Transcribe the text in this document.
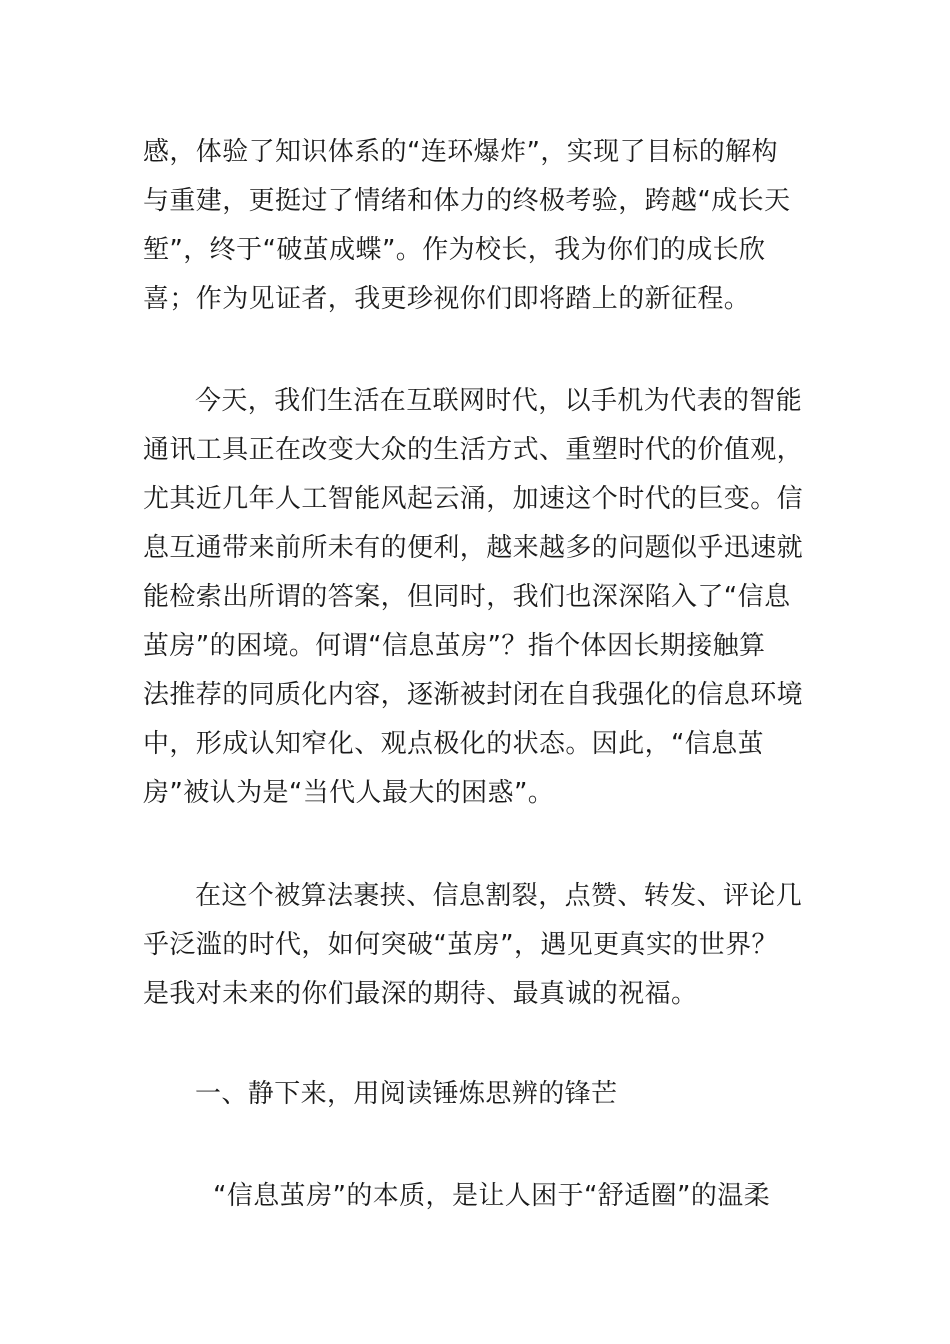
感，体验了知识体系的“连环爆炸”，实现了目标的解构
与重建，更挺过了情绪和体力的终极考验，跨越“成长天
堑”，终于“破茧成蝶”。作为校长，我为你们的成长欣
喜；作为见证者，我更珍视你们即将踏上的新征程。
今天，我们生活在互联网时代，以手机为代表的智能
通讯工具正在改变大众的生活方式、重塑时代的价值观，
尤其近几年人工智能风起云涌，加速这个时代的巨变。信
息互通带来前所未有的便利，越来越多的问题似乎迅速就
能检索出所谓的答案，但同时，我们也深深陷入了“信息
茧房”的困境。何谓“信息茧房”？指个体因长期接触算
法推荐的同质化内容，逐渐被封闭在自我强化的信息环境
中，形成认知窄化、观点极化的状态。因此，“信息茧
房”被认为是“当代人最大的困惑”。
在这个被算法裹挟、信息割裂，点赞、转发、评论几
乎泛滥的时代，如何突破“茧房”，遇见更真实的世界？
是我对未来的你们最深的期待、最真诚的祝福。
一、静下来，用阅读锤炼思辨的锋芒
“信息茧房”的本质，是让人困于“舒适圈”的温柔
